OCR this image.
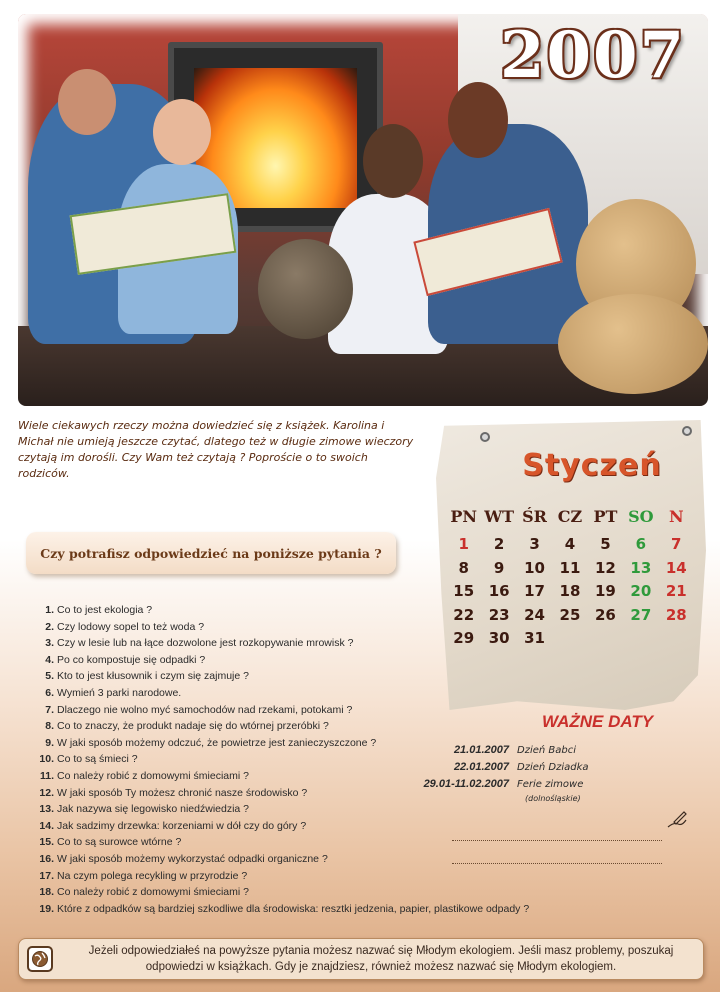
2007
Wiele ciekawych rzeczy można dowiedzieć się z książek. Karolina i Michał nie umieją jeszcze czytać, dlatego też w długie zimowe wieczory czytają im dorośli. Czy Wam też czytają ? Poproście o to swoich rodziców.
Czy potrafisz odpowiedzieć na poniższe pytania ?
1. Co to jest ekologia ?
2. Czy lodowy sopel to też woda ?
3. Czy w lesie lub na łące dozwolone jest rozkopywanie mrowisk ?
4. Po co kompostuje się odpadki ?
5. Kto to jest kłusownik i czym się zajmuje ?
6. Wymień 3 parki narodowe.
7. Dlaczego nie wolno myć samochodów nad rzekami, potokami ?
8. Co to znaczy, że produkt nadaje się do wtórnej przeróbki ?
9. W jaki sposób możemy odczuć, że powietrze jest zanieczyszczone ?
10. Co to są śmieci ?
11. Co należy robić z domowymi śmieciami ?
12. W jaki sposób Ty możesz chronić nasze środowisko ?
13. Jak nazywa się legowisko niedźwiedzia ?
14. Jak sadzimy drzewka: korzeniami w dół czy do góry ?
15. Co to są surowce wtórne ?
16. W jaki sposób możemy wykorzystać odpadki organiczne ?
17. Na czym polega recykling w przyrodzie ?
18. Co należy robić z domowymi śmieciami ?
19. Które z odpadków są bardziej szkodliwe dla środowiska: resztki jedzenia, papier, plastikowe odpady ?
Styczeń
PN WT ŚR CZ PT SO N
1	2	3	4	5	6	7
8	9	10 11 12 13 14
15 16 17 18 19 20 21
22 23 24 25 26 27 28
29 30 31
WAŻNE DATY
21.01.2007 Dzień Babci
22.01.2007 Dzień Dziadka
29.01-11.02.2007 Ferie zimowe
(dolnośląskie)
Jeżeli odpowiedziałeś na powyższe pytania możesz nazwać się Młodym ekologiem. Jeśli masz problemy, poszukaj odpowiedzi w książkach. Gdy je znajdziesz, również możesz nazwać się Młodym ekologiem.
